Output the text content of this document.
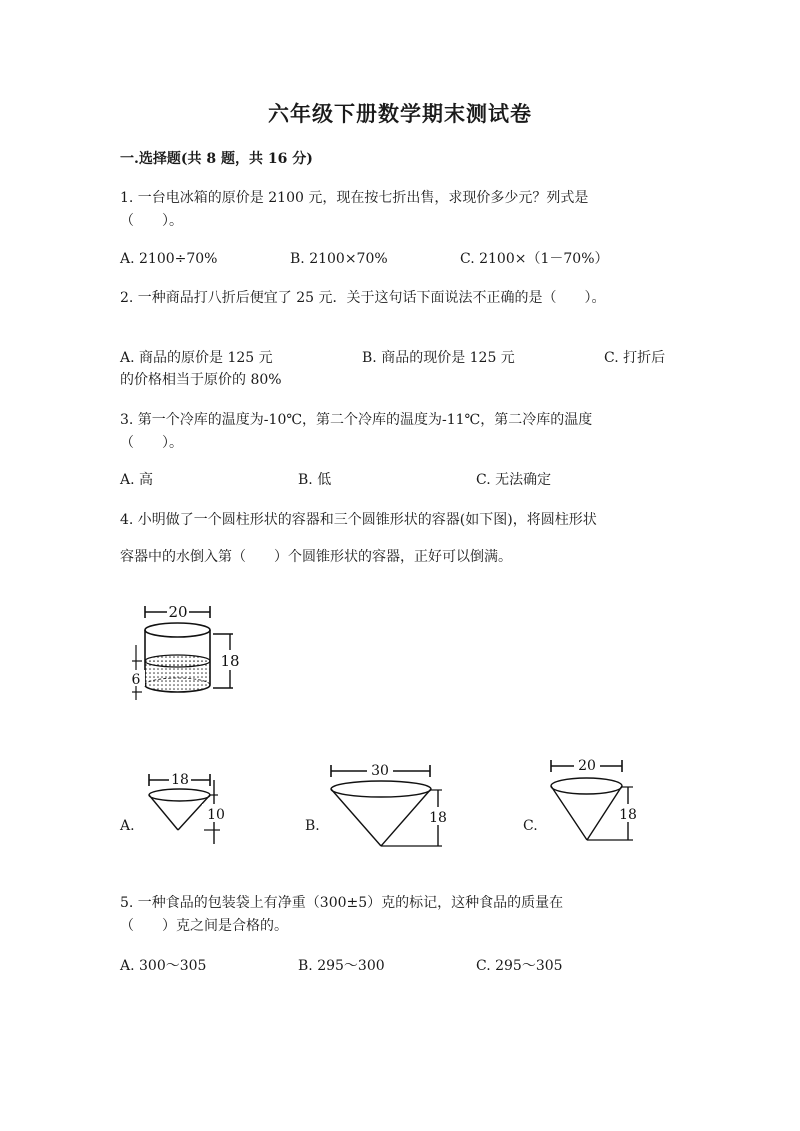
六年级下册数学期末测试卷
一.选择题(共 8 题，共 16 分)
1. 一台电冰箱的原价是 2100 元，现在按七折出售，求现价多少元？列式是
（　　）。
A. 2100÷70%	B. 2100×70%	C. 2100×（1－70%）
2. 一种商品打八折后便宜了 25 元．关于这句话下面说法不正确的是（　　）。
A. 商品的原价是 125 元	B. 商品的现价是 125 元	C. 打折后
的价格相当于原价的 80%
3. 第一个冷库的温度为-10℃，第二个冷库的温度为-11℃，第二冷库的温度
（　　）。
A. 高	B. 低	C. 无法确定
4. 小明做了一个圆柱形状的容器和三个圆锥形状的容器(如下图)，将圆柱形状
容器中的水倒入第（　　）个圆锥形状的容器，正好可以倒满。
20
18
6
A.
18
10
B.
30
18	C.
20
18
5. 一种食品的包装袋上有净重（300±5）克的标记，这种食品的质量在
（　　）克之间是合格的。
A. 300～305	B. 295～300	C. 295～305
